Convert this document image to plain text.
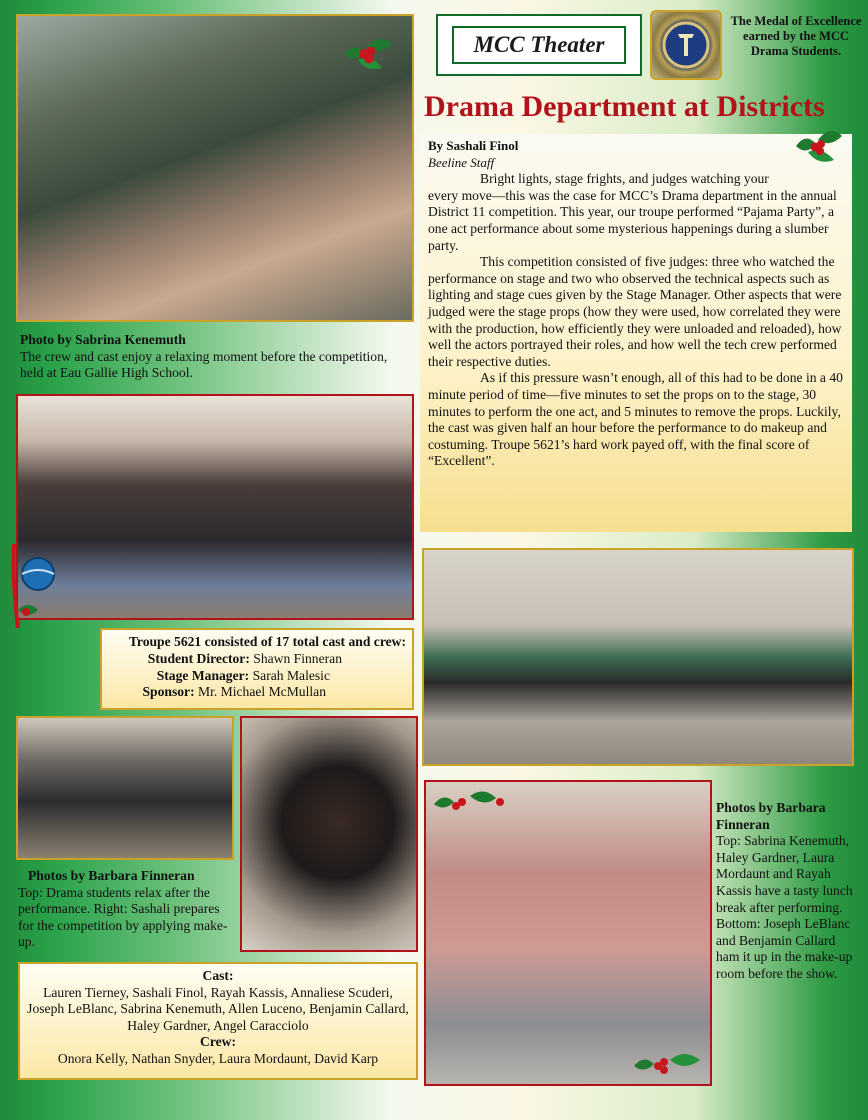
MCC Theater
The Medal of Excellence earned by the MCC Drama Students.
Drama Department at Districts
By Sashali Finol
Beeline Staff

Bright lights, stage frights, and judges watching your every move—this was the case for MCC’s Drama department in the annual District 11 competition. This year, our troupe performed “Pajama Party”, a one act performance about some mysterious happenings during a slumber party.

This competition consisted of five judges: three who watched the performance on stage and two who observed the technical aspects such as lighting and stage cues given by the Stage Manager. Other aspects that were judged were the stage props (how they were used, how correlated they were with the production, how efficiently they were unloaded and reloaded), how well the actors portrayed their roles, and how well the tech crew performed their respective duties.

As if this pressure wasn’t enough, all of this had to be done in a 40 minute period of time—five minutes to set the props on to the stage, 30 minutes to perform the one act, and 5 minutes to remove the props. Luckily, the cast was given half an hour before the performance to do makeup and costuming. Troupe 5621’s hard work payed off, with the final score of “Excellent”.

Photo by Sabrina Kenemuth
The crew and cast enjoy a relaxing moment before the competition, held at Eau Gallie High School.
Troupe 5621 consisted of 17 total cast and crew:

Student Director: Shawn Finneran
Stage Manager: Sarah Malesic
Sponsor: Mr. Michael McMullan
Photos by Barbara Finneran
Top: Drama students relax after the performance. Right: Sashali prepares for the competition by applying make-up.
Cast:
Lauren Tierney, Sashali Finol, Rayah Kassis, Annaliese Scuderi, Joseph LeBlanc, Sabrina Kenemuth, Allen Luceno, Benjamin Callard, Haley Gardner, Angel Caracciolo
Crew:
Onora Kelly, Nathan Snyder, Laura Mordaunt, David Karp
Photos by Barbara Finneran
Top: Sabrina Kenemuth, Haley Gardner, Laura Mordaunt and Rayah Kassis have a tasty lunch break after performing. Bottom: Joseph LeBlanc and Benjamin Callard ham it up in the make-up room before the show.
